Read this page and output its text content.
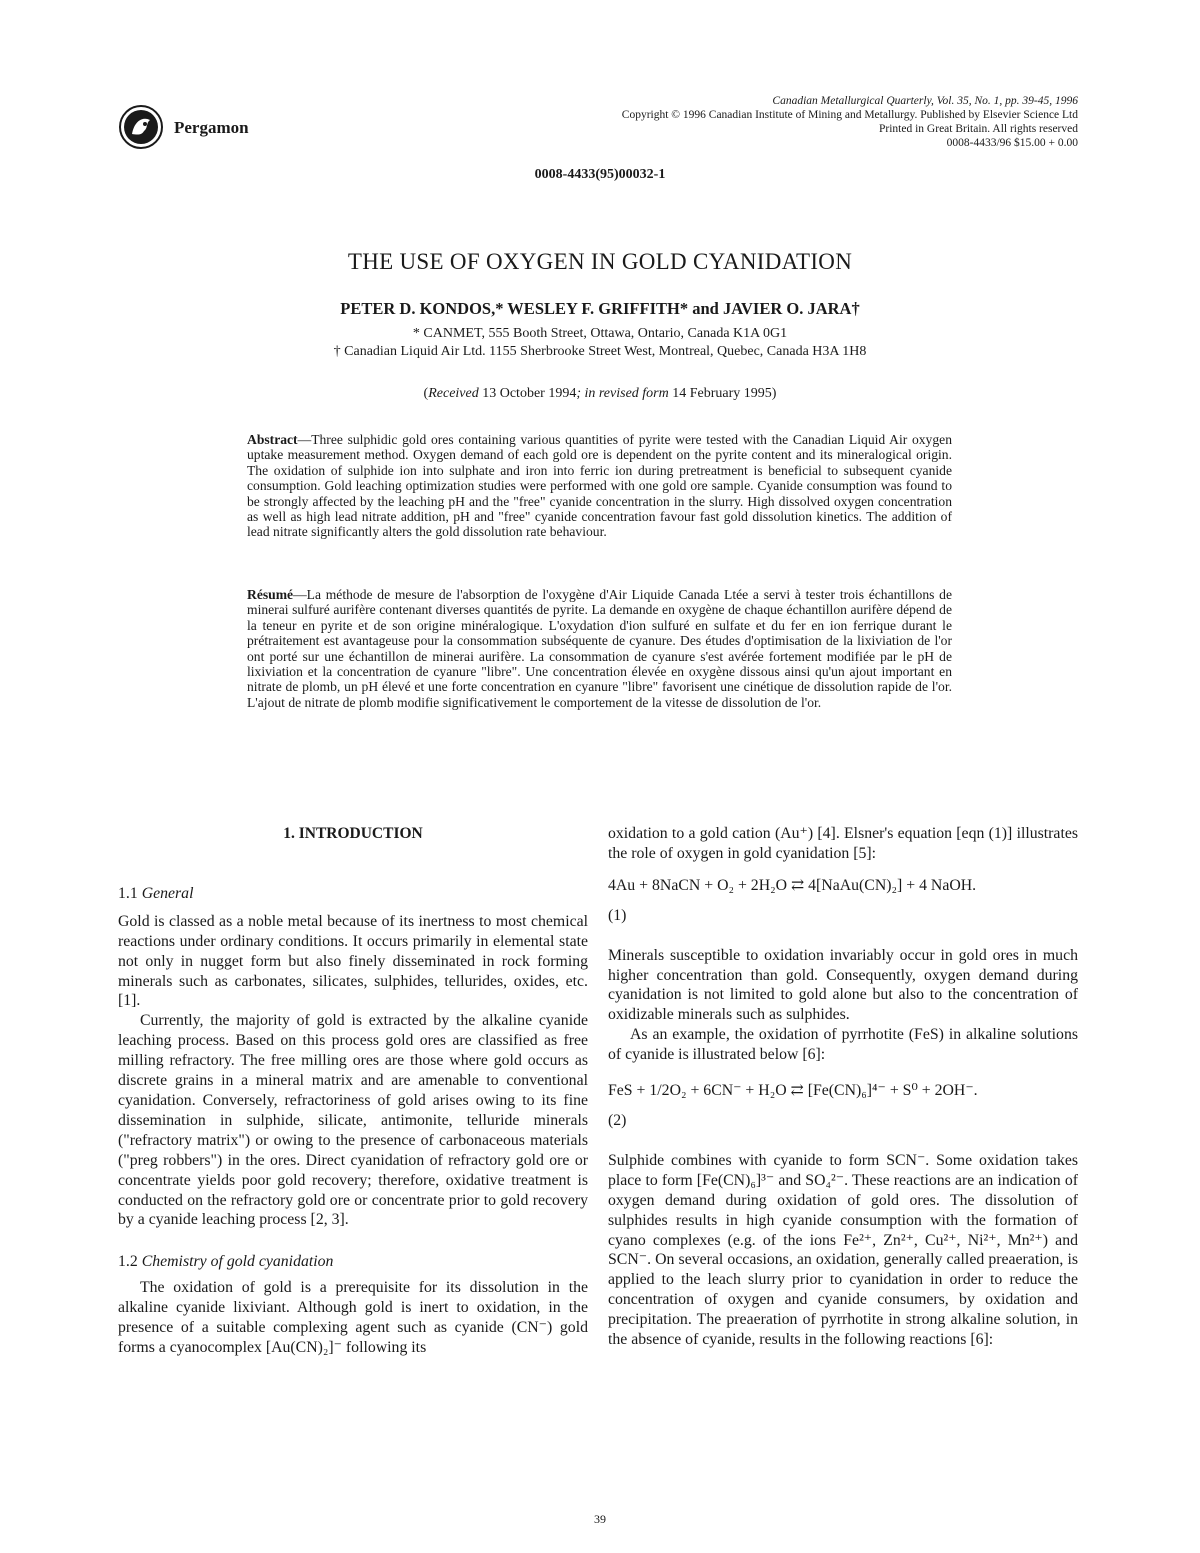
Pergamon
Canadian Metallurgical Quarterly, Vol. 35, No. 1, pp. 39-45, 1996
Copyright © 1996 Canadian Institute of Mining and Metallurgy. Published by Elsevier Science Ltd
Printed in Great Britain. All rights reserved
0008-4433/96 $15.00 + 0.00
0008-4433(95)00032-1
THE USE OF OXYGEN IN GOLD CYANIDATION
PETER D. KONDOS,* WESLEY F. GRIFFITH* and JAVIER O. JARA†
* CANMET, 555 Booth Street, Ottawa, Ontario, Canada K1A 0G1
† Canadian Liquid Air Ltd. 1155 Sherbrooke Street West, Montreal, Quebec, Canada H3A 1H8
(Received 13 October 1994; in revised form 14 February 1995)
Abstract—Three sulphidic gold ores containing various quantities of pyrite were tested with the Canadian Liquid Air oxygen uptake measurement method. Oxygen demand of each gold ore is dependent on the pyrite content and its mineralogical origin. The oxidation of sulphide ion into sulphate and iron into ferric ion during pretreatment is beneficial to subsequent cyanide consumption. Gold leaching optimization studies were performed with one gold ore sample. Cyanide consumption was found to be strongly affected by the leaching pH and the "free" cyanide concentration in the slurry. High dissolved oxygen concentration as well as high lead nitrate addition, pH and "free" cyanide concentration favour fast gold dissolution kinetics. The addition of lead nitrate significantly alters the gold dissolution rate behaviour.
Résumé—La méthode de mesure de l'absorption de l'oxygène d'Air Liquide Canada Ltée a servi à tester trois échantillons de minerai sulfuré aurifère contenant diverses quantités de pyrite. La demande en oxygène de chaque échantillon aurifère dépend de la teneur en pyrite et de son origine minéralogique. L'oxydation d'ion sulfuré en sulfate et du fer en ion ferrique durant le prétraitement est avantageuse pour la consommation subséquente de cyanure. Des études d'optimisation de la lixiviation de l'or ont porté sur une échantillon de minerai aurifère. La consommation de cyanure s'est avérée fortement modifiée par le pH de lixiviation et la concentration de cyanure "libre". Une concentration élevée en oxygène dissous ainsi qu'un ajout important en nitrate de plomb, un pH élevé et une forte concentration en cyanure "libre" favorisent une cinétique de dissolution rapide de l'or. L'ajout de nitrate de plomb modifie significativement le comportement de la vitesse de dissolution de l'or.
1. INTRODUCTION

1.1 General

Gold is classed as a noble metal because of its inertness to most chemical reactions under ordinary conditions. It occurs primarily in elemental state not only in nugget form but also finely disseminated in rock forming minerals such as carbonates, silicates, sulphides, tellurides, oxides, etc. [1].

Currently, the majority of gold is extracted by the alkaline cyanide leaching process. Based on this process gold ores are classified as free milling refractory. The free milling ores are those where gold occurs as discrete grains in a mineral matrix and are amenable to conventional cyanidation. Conversely, refractoriness of gold arises owing to its fine dissemination in sulphide, silicate, antimonite, telluride minerals ("refractory matrix") or owing to the presence of carbonaceous materials ("preg robbers") in the ores. Direct cyanidation of refractory gold ore or concentrate yields poor gold recovery; therefore, oxidative treatment is conducted on the refractory gold ore or concentrate prior to gold recovery by a cyanide leaching process [2, 3].

1.2 Chemistry of gold cyanidation

The oxidation of gold is a prerequisite for its dissolution in the alkaline cyanide lixiviant. Although gold is inert to oxidation, in the presence of a suitable complexing agent such as cyanide (CN⁻) gold forms a cyanocomplex [Au(CN)₂]⁻ following its

oxidation to a gold cation (Au⁺) [4]. Elsner's equation [eqn (1)] illustrates the role of oxygen in gold cyanidation [5]:

4Au + 8NaCN + O₂ + 2H₂O ⇄ 4[NaAu(CN)₂] + 4 NaOH.

(1)

Minerals susceptible to oxidation invariably occur in gold ores in much higher concentration than gold. Consequently, oxygen demand during cyanidation is not limited to gold alone but also to the concentration of oxidizable minerals such as sulphides.

As an example, the oxidation of pyrrhotite (FeS) in alkaline solutions of cyanide is illustrated below [6]:

FeS + 1/2O₂ + 6CN⁻ + H₂O ⇄ [Fe(CN)₆]⁴⁻ + S⁰ + 2OH⁻.

(2)

Sulphide combines with cyanide to form SCN⁻. Some oxidation takes place to form [Fe(CN)₆]³⁻ and SO₄²⁻. These reactions are an indication of oxygen demand during oxidation of gold ores. The dissolution of sulphides results in high cyanide consumption with the formation of cyano complexes (e.g. of the ions Fe²⁺, Zn²⁺, Cu²⁺, Ni²⁺, Mn²⁺) and SCN⁻. On several occasions, an oxidation, generally called preaeration, is applied to the leach slurry prior to cyanidation in order to reduce the concentration of oxygen and cyanide consumers, by oxidation and precipitation. The preaeration of pyrrhotite in strong alkaline solution, in the absence of cyanide, results in the following reactions [6]:

39
